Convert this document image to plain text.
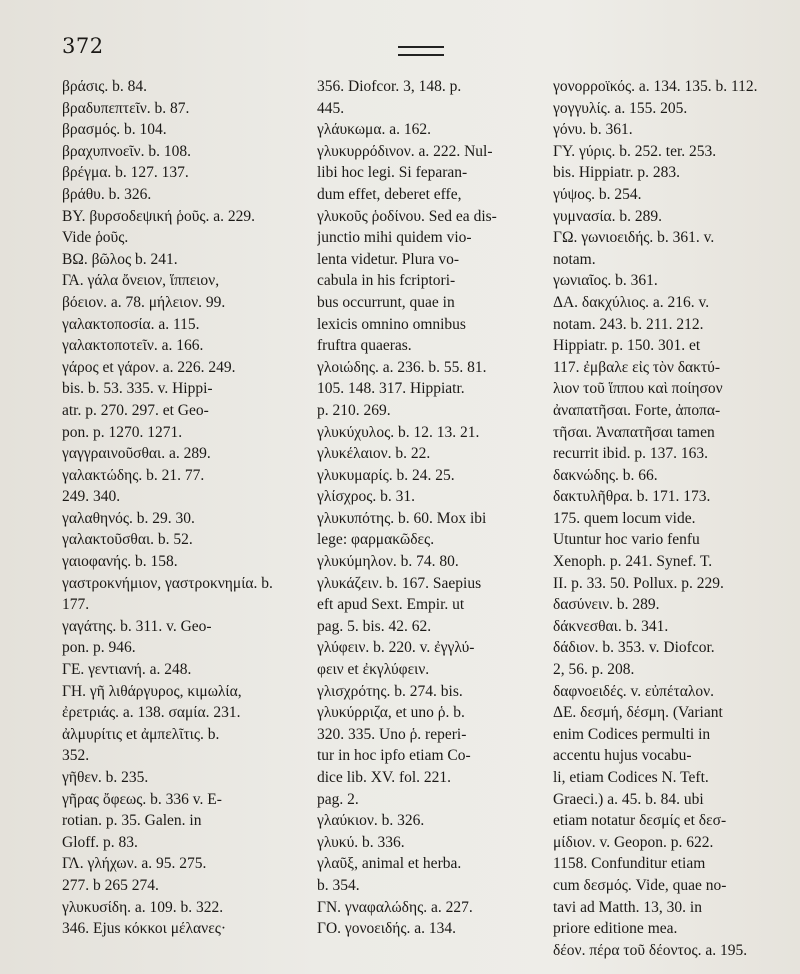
372
βράσις. b. 84.
βραδυπεπτεῖν. b. 87.
βρασμός. b. 104.
βραχυπνοεῖν. b. 108.
βρέγμα. b. 127. 137.
βράθυ. b. 326.
ΒΥ. βυρσοδεψική ῥοῦς. a. 229.
Vide ῥοῦς.
ΒΩ. βῶλος b. 241.
ΓΑ. γάλα ὄνειον, ἵππειον,
βόειον. a. 78. μήλειον. 99.
γαλακτοποσία. a. 115.
γαλακτοποτεῖν. a. 166.
γάρος et γάρον. a. 226. 249.
bis. b. 53. 335. v. Hippi-
atr. p. 270. 297. et Geo-
pon. p. 1270. 1271.
γαγγραινοῦσθαι. a. 289.
γαλακτώδης. b. 21. 77.
249. 340.
γαλαθηνός. b. 29. 30.
γαλακτοῦσθαι. b. 52.
γαιοφανής. b. 158.
γαστροκνήμιον, γαστροκνημία. b.
177.
γαγάτης. b. 311. v. Geo-
pon. p. 946.
ΓΕ. γεντιανή. a. 248.
ΓΗ. γῆ λιθάργυρος, κιμωλία,
ἐρετριάς. a. 138. σαμία. 231.
ἀλμυρίτις et ἀμπελῖτις. b.
352.
γῆθεν. b. 235.
γῆρας ὄφεως. b. 336 v. E-
rotian. p. 35. Galen. in
Gloff. p. 83.
ΓΛ. γλήχων. a. 95. 275.
277. b 265 274.
γλυκυσίδη. a. 109. b. 322.
346. Ejus κόκκοι μέλανες·
356. Diofcor. 3, 148. p.
445.
γλάυκωμα. a. 162.
γλυκυρρόδινον. a. 222. Nul-
libi hoc legi. Si feparan-
dum effet, deberet effe,
γλυκοῦς ῥοδίνου. Sed ea dis-
junctio mihi quidem vio-
lenta videtur. Plura vo-
cabula in his fcriptori-
bus occurrunt, quae in
lexicis omnino omnibus
fruftra quaeras.
γλοιώδης. a. 236. b. 55. 81.
105. 148. 317. Hippiatr.
p. 210. 269.
γλυκύχυλος. b. 12. 13. 21.
γλυκέλαιον. b. 22.
γλυκυμαρίς. b. 24. 25.
γλίσχρος. b. 31.
γλυκυπότης. b. 60. Mox ibi
lege: φαρμακῶδες.
γλυκύμηλον. b. 74. 80.
γλυκάζειν. b. 167. Saepius
eft apud Sext. Empir. ut
pag. 5. bis. 42. 62.
γλύφειν. b. 220. v. ἐγγλύ-
φειν et ἐκγλύφειν.
γλισχρότης. b. 274. bis.
γλυκύρριζα, et uno ῥ. b.
320. 335. Uno ῥ. reperi-
tur in hoc ipfo etiam Co-
dice lib. XV. fol. 221.
pag. 2.
γλαύκιον. b. 326.
γλυκύ. b. 336.
γλαῦξ, animal et herba.
b. 354.
ΓΝ. γναφαλώδης. a. 227.
ΓΟ. γονοειδής. a. 134.
γονορροϊκός. a. 134. 135. b. 112.
γογγυλίς. a. 155. 205.
γόνυ. b. 361.
ΓΥ. γύρις. b. 252. ter. 253.
bis. Hippiatr. p. 283.
γύψος. b. 254.
γυμνασία. b. 289.
ΓΩ. γωνιοειδής. b. 361. v.
notam.
γωνιαῖος. b. 361.
ΔΑ. δακχύλιος. a. 216. v.
notam. 243. b. 211. 212.
Hippiatr. p. 150. 301. et
117. ἐμβαλε εἰς τὸν δακτύ-
λιον τοῦ ἵππου καὶ ποίησον
ἀναπατῆσαι. Forte, ἀποπα-
τῆσαι. Ἀναπατῆσαι tamen
recurrit ibid. p. 137. 163.
δακνώδης. b. 66.
δακτυλῆθρα. b. 171. 173.
175. quem locum vide.
Utuntur hoc vario fenfu
Xenoph. p. 241. Synef. T.
II. p. 33. 50. Pollux. p. 229.
δασύνειν. b. 289.
δάκνεσθαι. b. 341.
δάδιον. b. 353. v. Diofcor.
2, 56. p. 208.
δαφνοειδές. v. εὐπέταλον.
ΔΕ. δεσμή, δέσμη. (Variant
enim Codices permulti in
accentu hujus vocabu-
li, etiam Codices N. Teft.
Graeci.) a. 45. b. 84. ubi
etiam notatur δεσμίς et δεσ-
μίδιον. v. Geopon. p. 622.
1158. Confunditur etiam
cum δεσμός. Vide, quae no-
tavi ad Matth. 13, 30. in
priore editione mea.
δέον. πέρα τοῦ δέοντος. a. 195.
